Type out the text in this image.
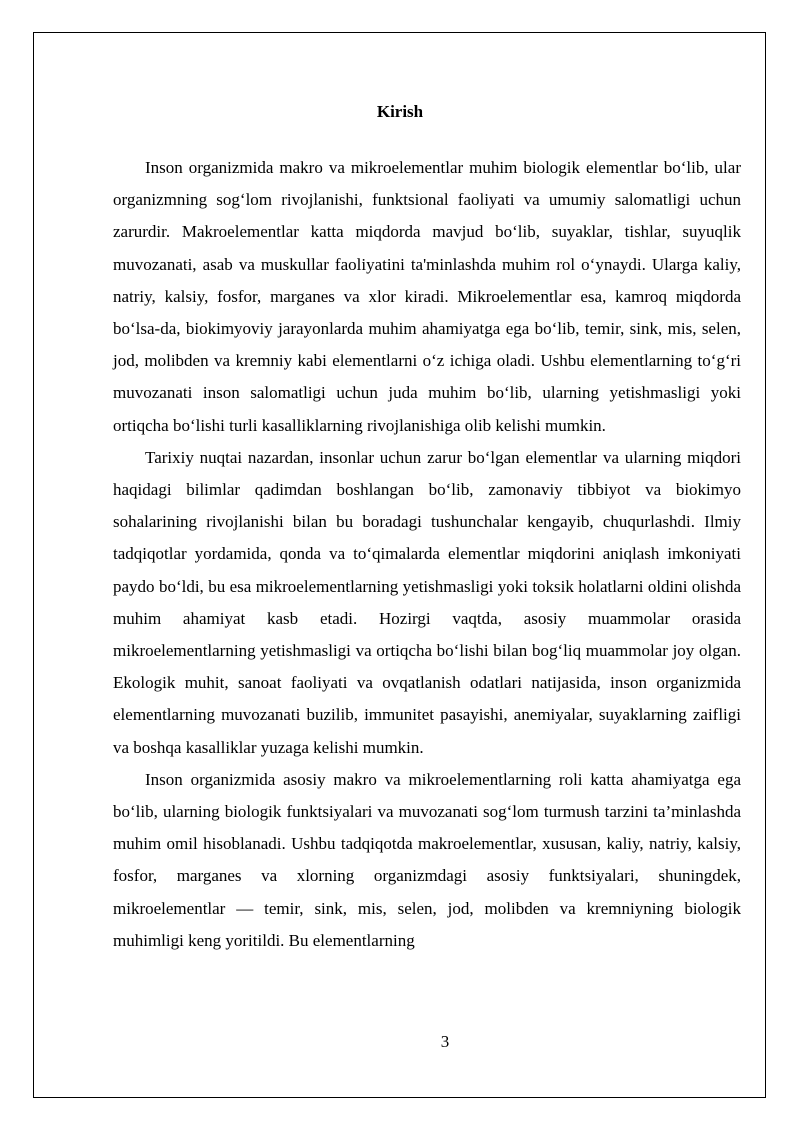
Kirish

Inson organizmida makro va mikroelementlar muhim biologik elementlar bo‘lib, ular organizmning sog‘lom rivojlanishi, funktsional faoliyati va umumiy salomatligi uchun zarurdir. Makroelementlar katta miqdorda mavjud bo‘lib, suyaklar, tishlar, suyuqlik muvozanati, asab va muskullar faoliyatini ta'minlashda muhim rol o‘ynaydi. Ularga kaliy, natriy, kalsiy, fosfor, marganes va xlor kiradi. Mikroelementlar esa, kamroq miqdorda bo‘lsa-da, biokimyoviy jarayonlarda muhim ahamiyatga ega bo‘lib, temir, sink, mis, selen, jod, molibden va kremniy kabi elementlarni o‘z ichiga oladi. Ushbu elementlarning to‘g‘ri muvozanati inson salomatligi uchun juda muhim bo‘lib, ularning yetishmasligi yoki ortiqcha bo‘lishi turli kasalliklarning rivojlanishiga olib kelishi mumkin.

Tarixiy nuqtai nazardan, insonlar uchun zarur bo‘lgan elementlar va ularning miqdori haqidagi bilimlar qadimdan boshlangan bo‘lib, zamonaviy tibbiyot va biokimyo sohalarining rivojlanishi bilan bu boradagi tushunchalar kengayib, chuqurlashdi. Ilmiy tadqiqotlar yordamida, qonda va to‘qimalarda elementlar miqdorini aniqlash imkoniyati paydo bo‘ldi, bu esa mikroelementlarning yetishmasligi yoki toksik holatlarni oldini olishda muhim ahamiyat kasb etadi. Hozirgi vaqtda, asosiy muammolar orasida mikroelementlarning yetishmasligi va ortiqcha bo‘lishi bilan bog‘liq muammolar joy olgan. Ekologik muhit, sanoat faoliyati va ovqatlanish odatlari natijasida, inson organizmida elementlarning muvozanati buzilib, immunitet pasayishi, anemiyalar, suyaklarning zaifligi va boshqa kasalliklar yuzaga kelishi mumkin.

Inson organizmida asosiy makro va mikroelementlarning roli katta ahamiyatga ega bo‘lib, ularning biologik funktsiyalari va muvozanati sog‘lom turmush tarzini ta’minlashda muhim omil hisoblanadi. Ushbu tadqiqotda makroelementlar, xususan, kaliy, natriy, kalsiy, fosfor, marganes va xlorning organizmdagi asosiy funktsiyalari, shuningdek, mikroelementlar — temir, sink, mis, selen, jod, molibden va kremniyning biologik muhimligi keng yoritildi. Bu elementlarning

3
